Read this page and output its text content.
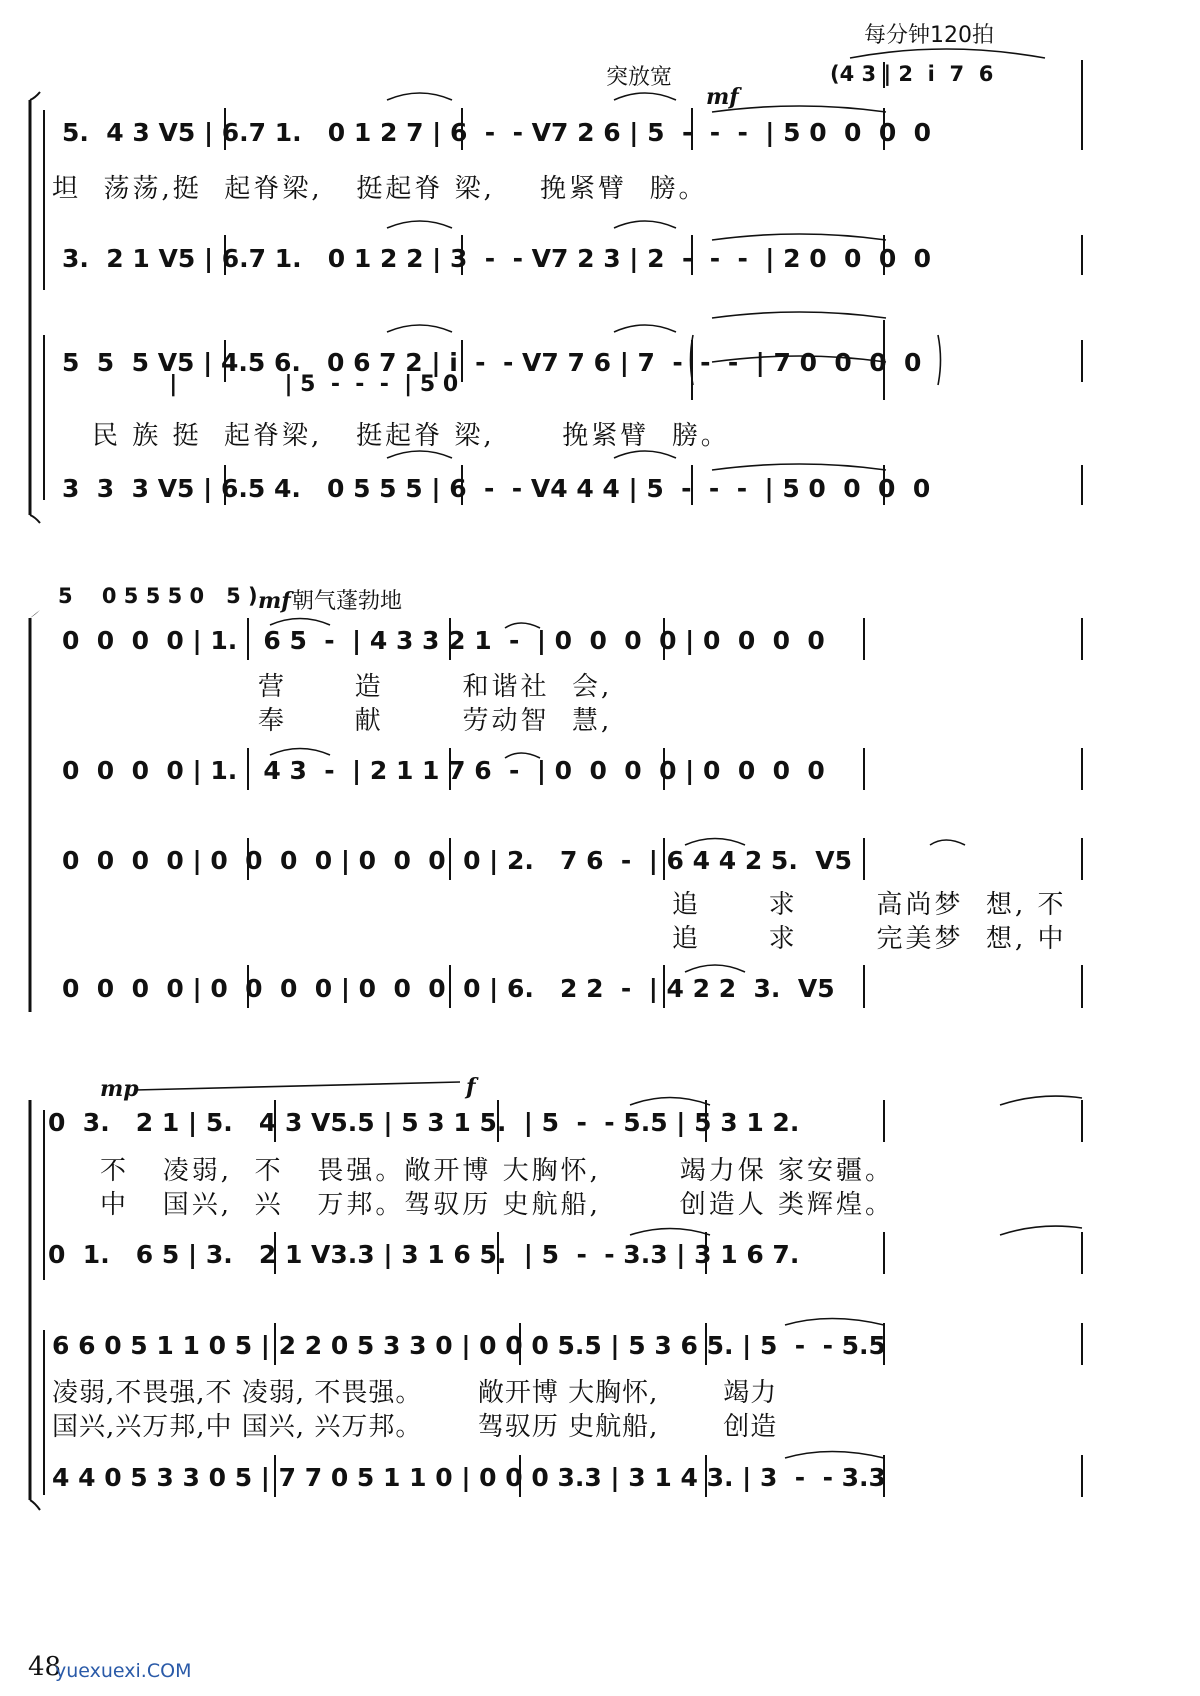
每分钟120拍
突放宽
mf
(4 3 | 2  i  7  6
5.  4 3 V5 | 6.7 1.   0 1 2 7 | 6  -  - V7 2 6 | 5  -  -  -  | 5 0  0  0  0
坦  荡荡,挺  起脊梁,   挺起脊 梁,    挽紧臂  膀。
3.  2 1 V5 | 6.7 1.   0 1 2 2 | 3  -  - V7 2 3 | 2  -  -  -  | 2 0  0  0  0
5  5  5 V5 | 4.5 6.   0 6 7 2 | i  -  - V7 7 6 | 7  -  -  -  | 7 0  0  0  0
|              | 5  -  -  -  | 5 0
民 族 挺  起脊梁,   挺起脊 梁,      挽紧臂  膀。
3  3  3 V5 | 6.5 4.   0 5 5 5 | 6  -  - V4 4 4 | 5  -  -  -  | 5 0  0  0  0
5    0 5 5 5 0   5 ) mf 朝气蓬勃地
0  0  0  0 | 1.   6 5  -  | 4 3 3 2 1  -  | 0  0  0  0 | 0  0  0  0
营      造       和谐社  会,
奉      献       劳动智  慧,
0  0  0  0 | 1.   4 3  -  | 2 1 1 7 6  -  | 0  0  0  0 | 0  0  0  0
0  0  0  0 | 0  0  0  0 | 0  0  0  0 | 2.   7 6  -  | 6 4 4 2 5.  V5
追      求       高尚梦  想, 不
追      求       完美梦  想, 中
0  0  0  0 | 0  0  0  0 | 0  0  0  0 | 6.   2 2  -  | 4 2 2  3.  V5
mp	f
0  3.   2 1 | 5.   4 3 V5.5 | 5 3 1 5.  | 5  -  - 5.5 | 5 3 1 2.
不   凌弱,  不   畏强。敞开博 大胸怀,       竭力保 家安疆。
中   国兴,  兴   万邦。驾驭历 史航船,       创造人 类辉煌。
0  1.   6 5 | 3.   2 1 V3.3 | 3 1 6 5.  | 5  -  - 3.3 | 3 1 6 7.
6 6 0 5 1 1 0 5 | 2 2 0 5 3 3 0 | 0 0 0 5.5 | 5 3 6 5. | 5  -  - 5.5
凌弱,不畏强,不 凌弱, 不畏强。      敞开博 大胸怀,       竭力
国兴,兴万邦,中 国兴, 兴万邦。      驾驭历 史航船,       创造
4 4 0 5 3 3 0 5 | 7 7 0 5 1 1 0 | 0 0 0 3.3 | 3 1 4 3. | 3  -  - 3.3
48
yuexuexi.COM
